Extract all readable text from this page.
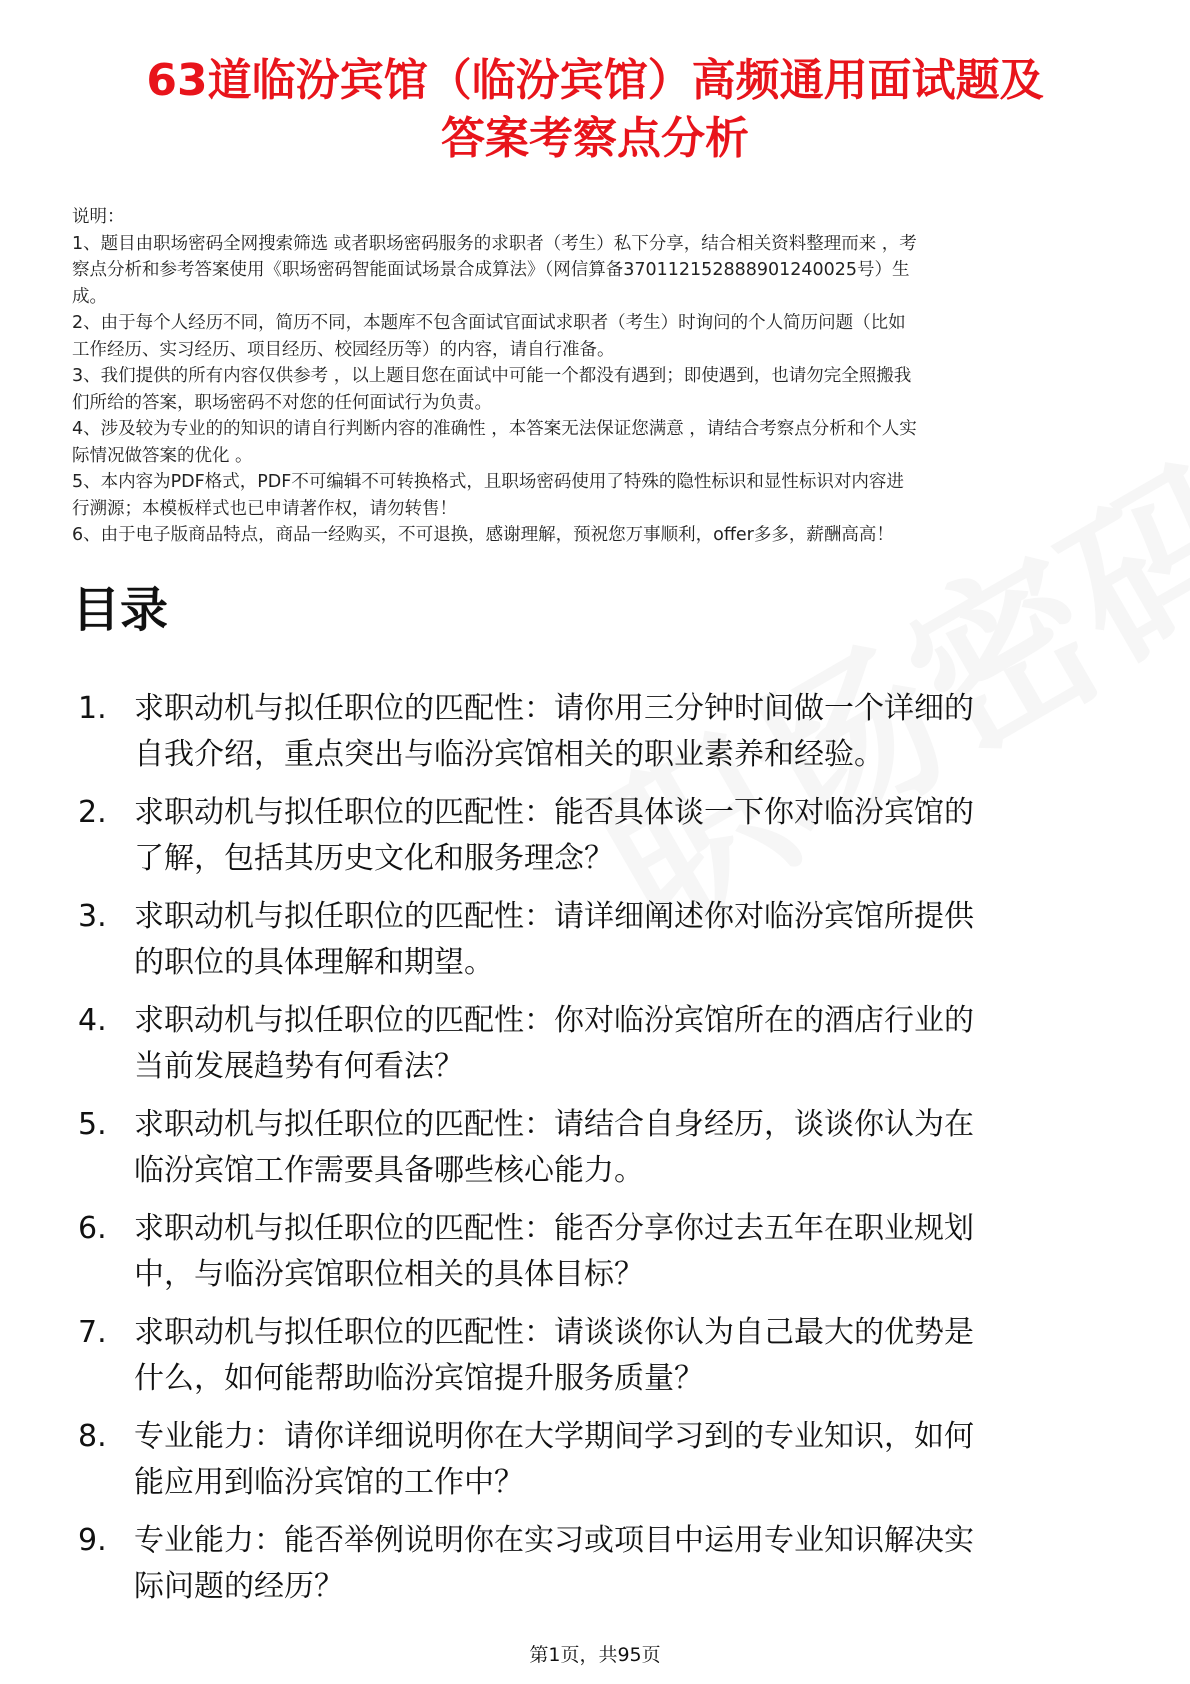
63道临汾宾馆（临汾宾馆）高频通用面试题及
答案考察点分析

说明：

1、题目由职场密码全网搜索筛选 或者职场密码服务的求职者（考生）私下分享，结合相关资料整理而来 ，考

察点分析和参考答案使用《职场密码智能面试场景合成算法》（网信算备370112152888901240025号）生

成。

2、由于每个人经历不同，简历不同，本题库不包含面试官面试求职者（考生）时询问的个人简历问题（比如

工作经历、实习经历、项目经历、校园经历等）的内容，请自行准备。

3、我们提供的所有内容仅供参考 ，以上题目您在面试中可能一个都没有遇到；即使遇到，也请勿完全照搬我

们所给的答案，职场密码不对您的任何面试行为负责。

4、涉及较为专业的的知识的请自行判断内容的准确性 ，本答案无法保证您满意 ，请结合考察点分析和个人实

际情况做答案的优化 。

5、本内容为PDF格式，PDF不可编辑不可转换格式，且职场密码使用了特殊的隐性标识和显性标识对内容进

行溯源；本模板样式也已申请著作权，请勿转售！

6、由于电子版商品特点，商品一经购买，不可退换，感谢理解，预祝您万事顺利，offer多多，薪酬高高！

目录
1. 求职动机与拟任职位的匹配性：请你用三分钟时间做一个详细的
自我介绍，重点突出与临汾宾馆相关的职业素养和经验。
2. 求职动机与拟任职位的匹配性：能否具体谈一下你对临汾宾馆的
了解，包括其历史文化和服务理念？
3. 求职动机与拟任职位的匹配性：请详细阐述你对临汾宾馆所提供
的职位的具体理解和期望。
4. 求职动机与拟任职位的匹配性：你对临汾宾馆所在的酒店行业的
当前发展趋势有何看法？
5. 求职动机与拟任职位的匹配性：请结合自身经历，谈谈你认为在
临汾宾馆工作需要具备哪些核心能力。
6. 求职动机与拟任职位的匹配性：能否分享你过去五年在职业规划
中，与临汾宾馆职位相关的具体目标？
7. 求职动机与拟任职位的匹配性：请谈谈你认为自己最大的优势是
什么，如何能帮助临汾宾馆提升服务质量？
8. 专业能力：请你详细说明你在大学期间学习到的专业知识，如何
能应用到临汾宾馆的工作中？
9. 专业能力：能否举例说明你在实习或项目中运用专业知识解决实
际问题的经历？
第1页，共95页
